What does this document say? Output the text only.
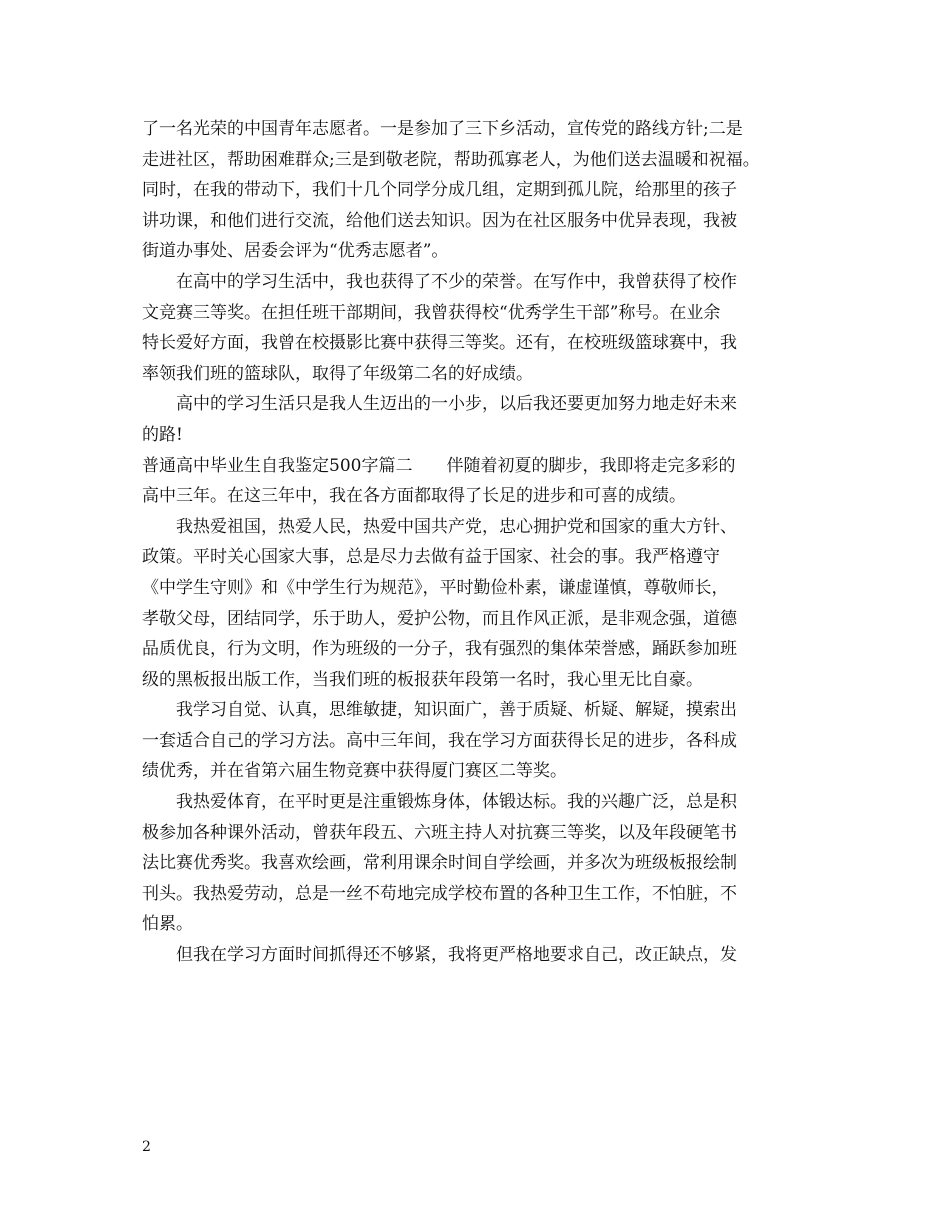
了一名光荣的中国青年志愿者。一是参加了三下乡活动，宣传党的路线方针;二是

走进社区，帮助困难群众;三是到敬老院，帮助孤寡老人，为他们送去温暖和祝福。

同时，在我的带动下，我们十几个同学分成几组，定期到孤儿院，给那里的孩子

讲功课，和他们进行交流，给他们送去知识。因为在社区服务中优异表现，我被

街道办事处、居委会评为“优秀志愿者”。

在高中的学习生活中，我也获得了不少的荣誉。在写作中，我曾获得了校作

文竞赛三等奖。在担任班干部期间，我曾获得校“优秀学生干部”称号。在业余

特长爱好方面，我曾在校摄影比赛中获得三等奖。还有，在校班级篮球赛中，我

率领我们班的篮球队，取得了年级第二名的好成绩。

高中的学习生活只是我人生迈出的一小步，以后我还要更加努力地走好未来

的路!

普通高中毕业生自我鉴定500字篇二　　伴随着初夏的脚步，我即将走完多彩的

高中三年。在这三年中，我在各方面都取得了长足的进步和可喜的成绩。

我热爱祖国，热爱人民，热爱中国共产党，忠心拥护党和国家的重大方针、

政策。平时关心国家大事，总是尽力去做有益于国家、社会的事。我严格遵守

《中学生守则》和《中学生行为规范》，平时勤俭朴素，谦虚谨慎，尊敬师长，

孝敬父母，团结同学，乐于助人，爱护公物，而且作风正派，是非观念强，道德

品质优良，行为文明，作为班级的一分子，我有强烈的集体荣誉感，踊跃参加班

级的黑板报出版工作，当我们班的板报获年段第一名时，我心里无比自豪。

我学习自觉、认真，思维敏捷，知识面广，善于质疑、析疑、解疑，摸索出

一套适合自己的学习方法。高中三年间，我在学习方面获得长足的进步，各科成

绩优秀，并在省第六届生物竞赛中获得厦门赛区二等奖。

我热爱体育，在平时更是注重锻炼身体，体锻达标。我的兴趣广泛，总是积

极参加各种课外活动，曾获年段五、六班主持人对抗赛三等奖，以及年段硬笔书

法比赛优秀奖。我喜欢绘画，常利用课余时间自学绘画，并多次为班级板报绘制

刊头。我热爱劳动，总是一丝不苟地完成学校布置的各种卫生工作，不怕脏，不

怕累。

但我在学习方面时间抓得还不够紧，我将更严格地要求自己，改正缺点，发

2
